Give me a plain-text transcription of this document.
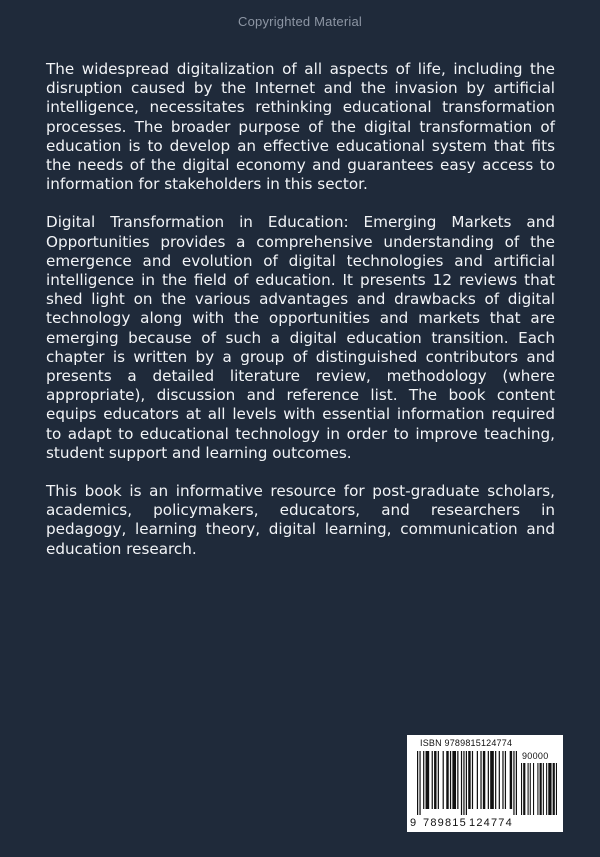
Copyrighted Material

The widespread digitalization of all aspects of life, including the disruption caused by the Internet and the invasion by artificial intelligence, necessitates rethinking educational transformation processes. The broader purpose of the digital transformation of education is to develop an effective educational system that fits the needs of the digital economy and guarantees easy access to information for stakeholders in this sector.

Digital Transformation in Education: Emerging Markets and Opportunities provides a comprehensive understanding of the emergence and evolution of digital technologies and artificial intelligence in the field of education. It presents 12 reviews that shed light on the various advantages and drawbacks of digital technology along with the opportunities and markets that are emerging because of such a digital education transition. Each chapter is written by a group of distinguished contributors and presents a detailed literature review, methodology (where appropriate), discussion and reference list. The book content equips educators at all levels with essential information required to adapt to educational technology in order to improve teaching, student support and learning outcomes.

This book is an informative resource for post-graduate scholars, academics, policymakers, educators, and researchers in pedagogy, learning theory, digital learning, communication and education research.

ISBN 9789815124774
90000
9 789815 124774
